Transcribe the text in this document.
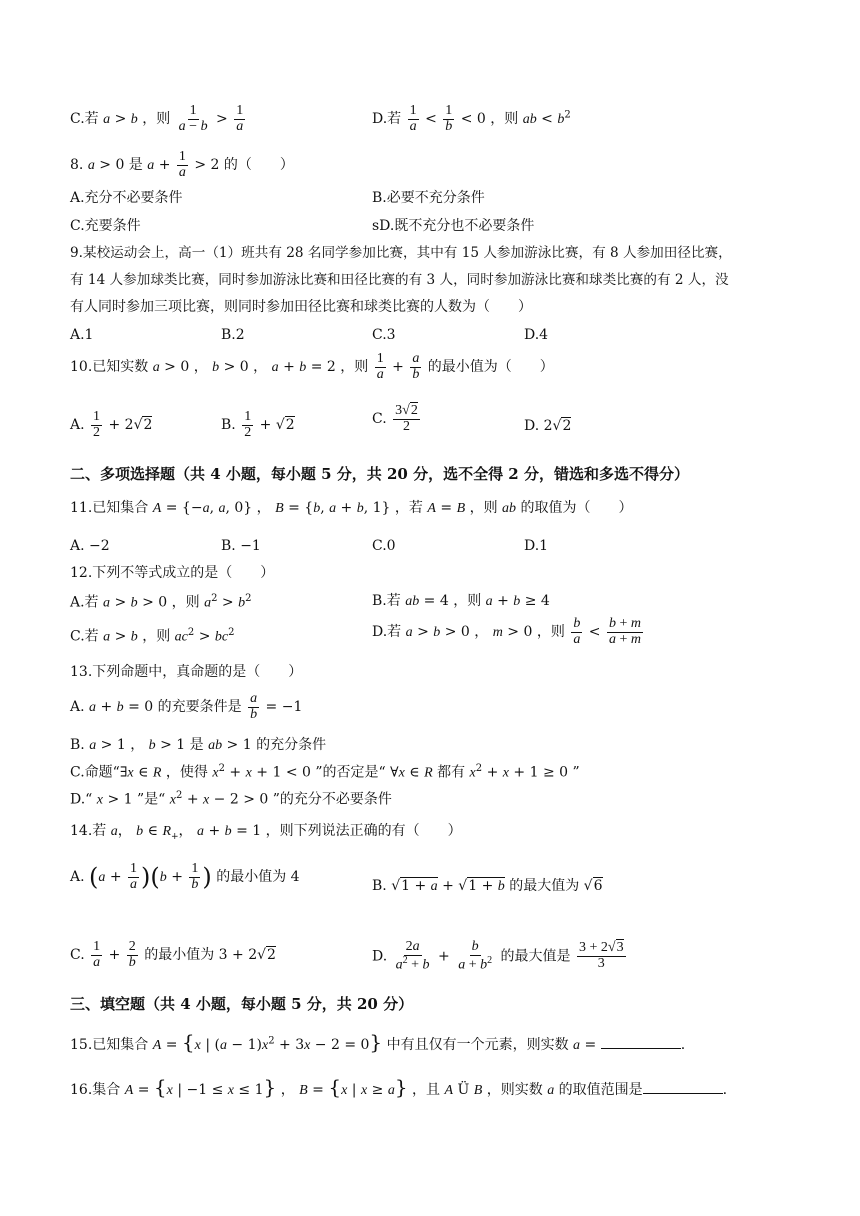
C.若 a > b ，则 $\frac{1}{a - b} > \frac{1}{a}$	D.若 $\frac{1}{a} < \frac{1}{b} < 0$ ，则 ab < $b^2$
8. a > 0 是 $a + \frac{1}{a} > 2$ 的（　　）
A.充分不必要条件	B.必要不充分条件
C.充要条件	sD.既不充分也不必要条件
9.某校运动会上，高一（1）班共有 28 名同学参加比赛，其中有 15 人参加游泳比赛，有 8 人参加田径比赛，
有 14 人参加球类比赛，同时参加游泳比赛和田径比赛的有 3 人，同时参加游泳比赛和球类比赛的有 2 人，没
有人同时参加三项比赛，则同时参加田径比赛和球类比赛的人数为（　　）
A.1	B.2	C.3	D.4
10.已知实数 a > 0 ， b > 0 ， a + b = 2 ，则 $\frac{1}{a} + \frac{a}{b}$ 的最小值为（　　）
A. $\frac{1}{2} + 2√2$	B. $\frac{1}{2} + √2$	C. $\frac{3√2}{2}$	D. 2√2
二、多项选择题（共 4 小题，每小题 5 分，共 20 分，选不全得 2 分，错选和多选不得分）
11.已知集合 A = {−a, a, 0} ， B = {b, a + b, 1} ，若 A = B ，则 ab 的取值为（　　）
A. −2	B. −1	C.0	D.1
12.下列不等式成立的是（　　）
A.若 a > b > 0 ，则 $a^2 > b^2$	B.若 ab = 4 ，则 a + b ≥ 4
C.若 a > b ，则 $ac^2 > bc^2$	D.若 a > b > 0 ， m > 0 ，则 $\frac{b}{a} < \frac{b + m}{a + m}$
13.下列命题中，真命题的是（　　）
A. a + b = 0 的充要条件是 $\frac{a}{b} = -1$
B. a > 1 ， b > 1 是 ab > 1 的充分条件
C.命题“∃x ∈ R ，使得 $x^2 + x + 1 < 0$ ”的否定是“ ∀x ∈ R 都有 $x^2 + x + 1 \ge 0$ ”
D.“ x > 1 ”是“ $x^2 + x - 2 > 0$ ”的充分不必要条件
14.若 a， b ∈ $R_+$， a + b = 1 ，则下列说法正确的有（　　）
A. $(a + \frac{1}{a} )(b + \frac{1}{b}$ ) 的最小值为 4
B. √1 + a + √1 + b 的最大值为 √6
C. $\frac{1}{a} + \frac{2}{b}$ 的最小值为 3 + 2√2	D. $\frac{2a}{a^2 + b} + \frac{b}{a + b^2}$ 的最大值是 $\frac{3 + 2√3}{3}$
三、填空题（共 4 小题，每小题 5 分，共 20 分）
15.已知集合 A = {x | $(a - 1)x^2 + 3x - 2 = 0$} 中有且仅有一个元素，则实数 a =	.
16.集合 A = {x | −1 ≤ x ≤ 1} ， B = {x | x ≥ a} ，且 A Ü B ，则实数 a 的取值范围是	.
